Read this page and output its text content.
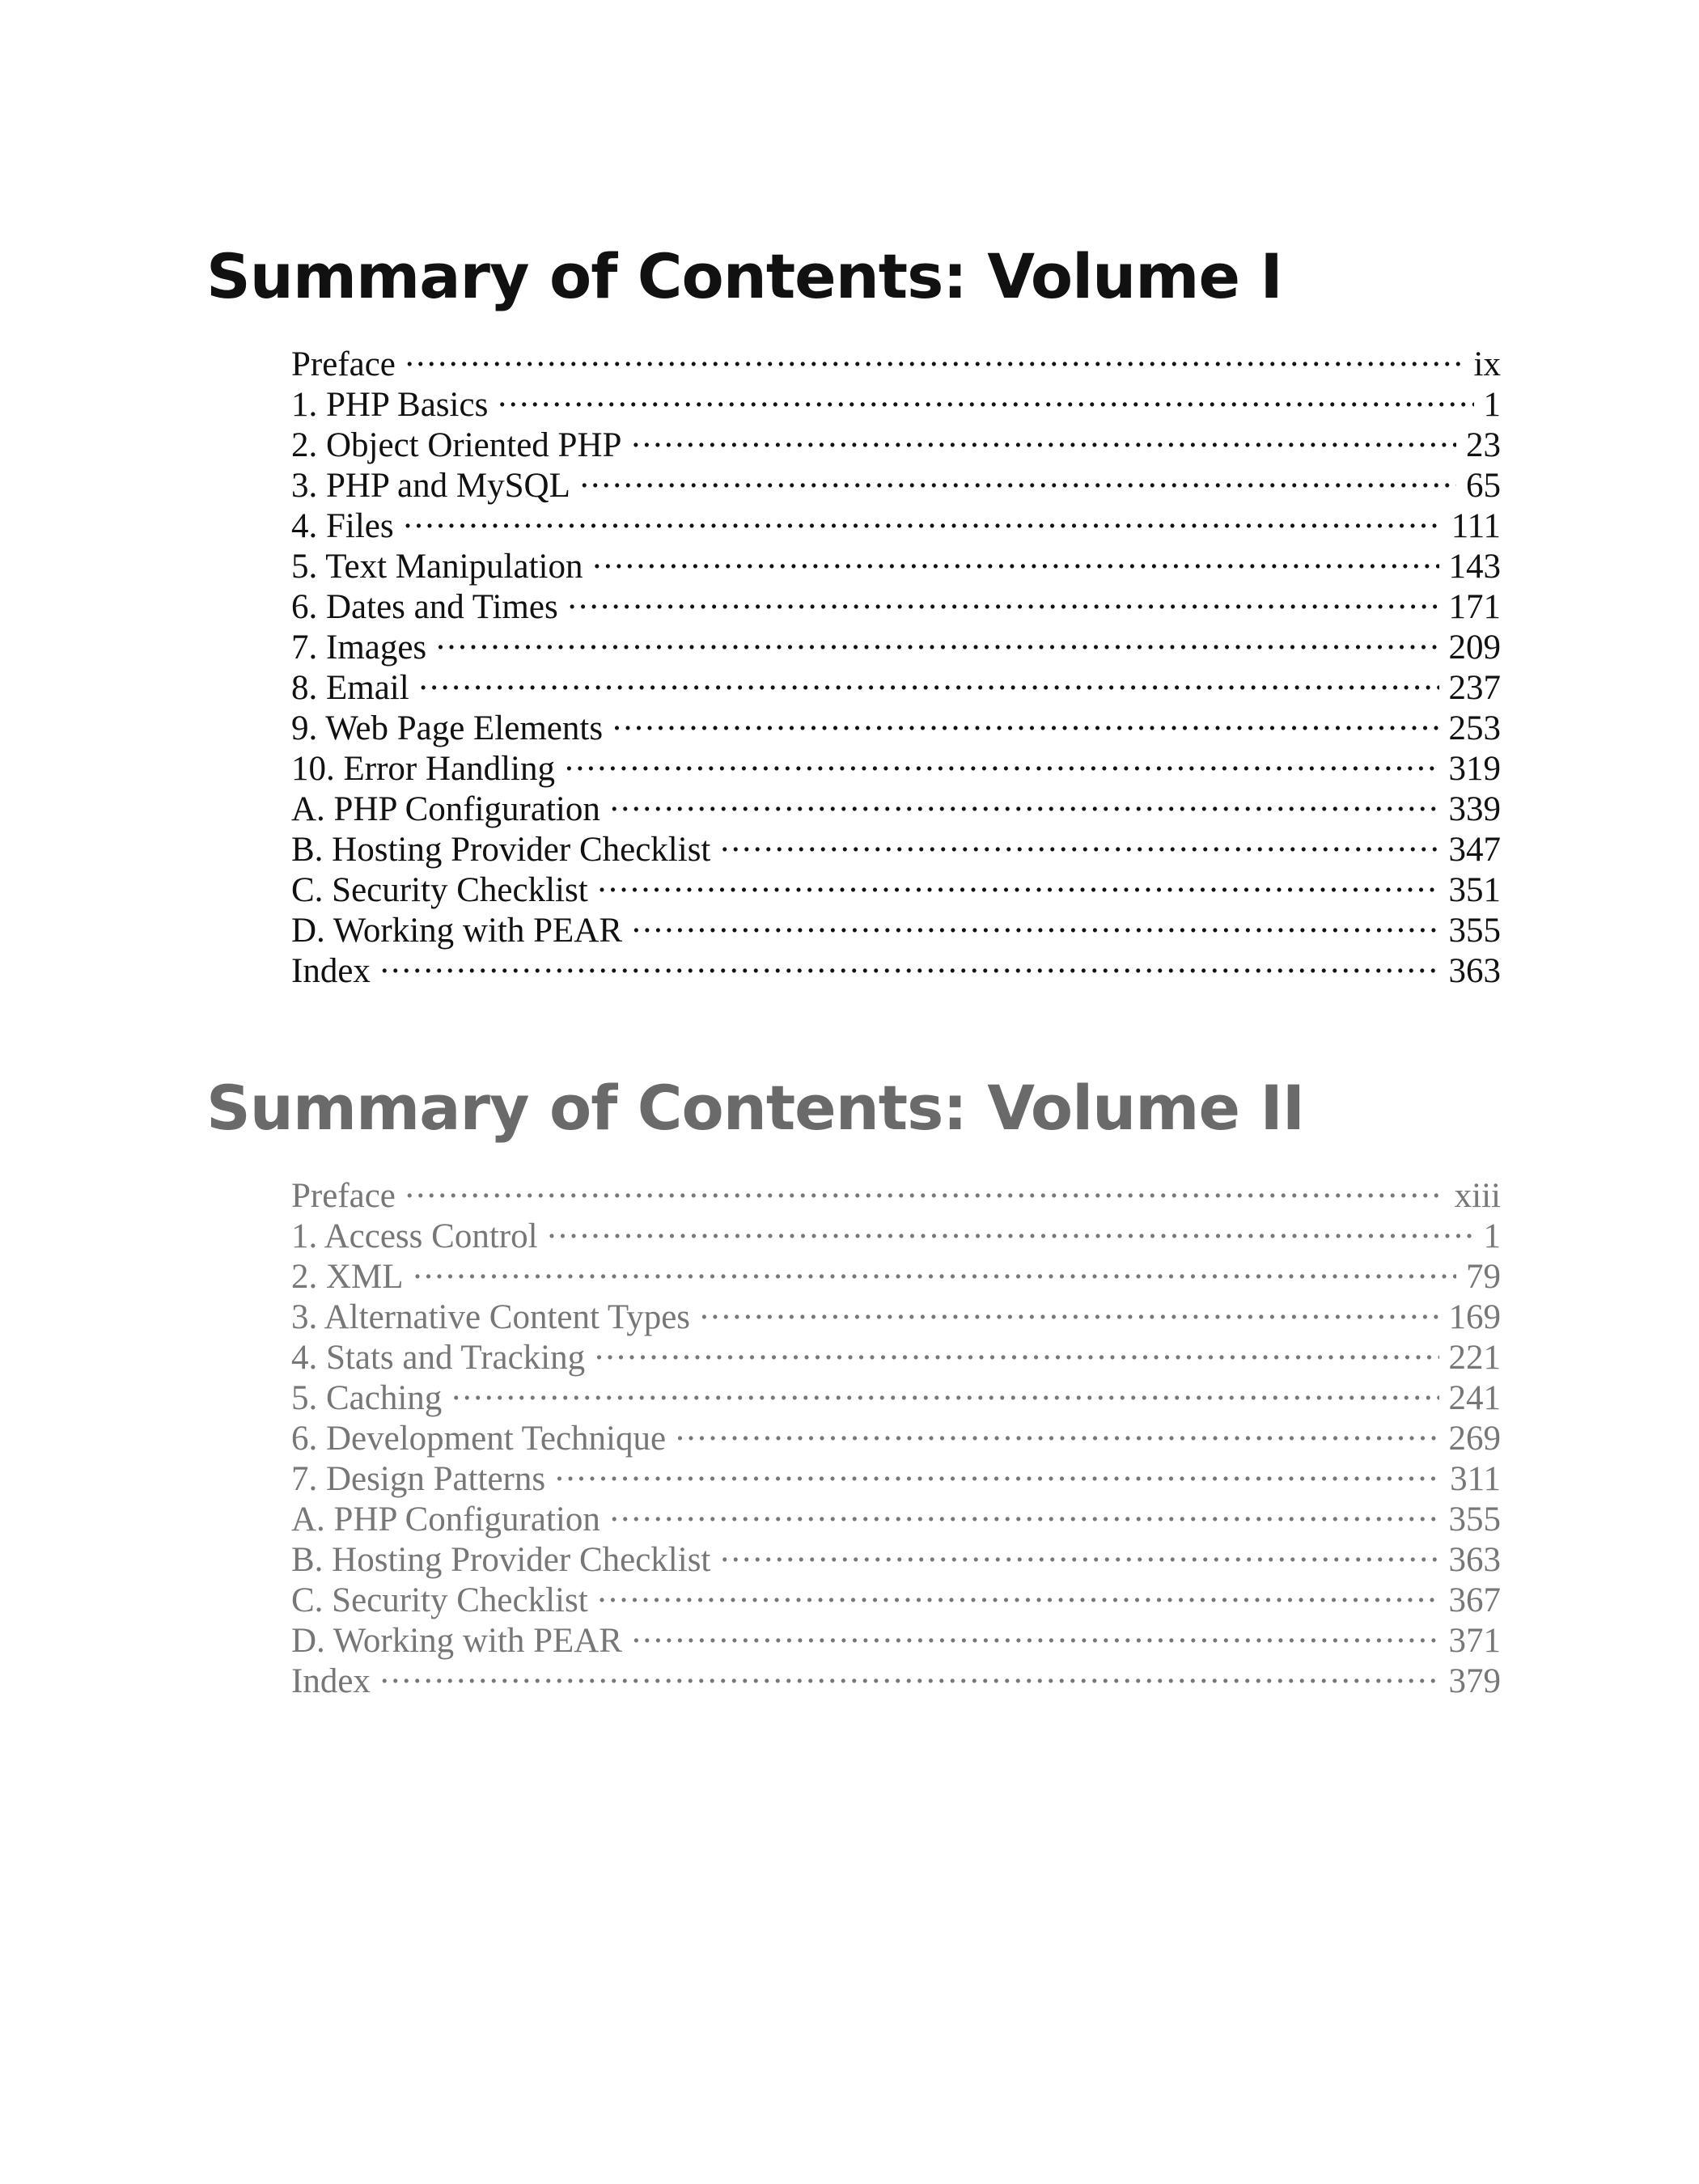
Summary of Contents: Volume I
Preface . . .	ix
1. PHP Basics . . .	1
2. Object Oriented PHP . . .	23
3. PHP and MySQL . . .	65
4. Files . . .	111
5. Text Manipulation . . .	143
6. Dates and Times . . .	171
7. Images . . .	209
8. Email . . .	237
9. Web Page Elements . . .	253
10. Error Handling . . .	319
A. PHP Configuration . . .	339
B. Hosting Provider Checklist . . .	347
C. Security Checklist . . .	351
D. Working with PEAR . . .	355
Index . . .	363
Summary of Contents: Volume II
Preface . . .	xiii
1. Access Control . . .	1
2. XML . . .	79
3. Alternative Content Types . . .	169
4. Stats and Tracking . . .	221
5. Caching . . .	241
6. Development Technique . . .	269
7. Design Patterns . . .	311
A. PHP Configuration . . .	355
B. Hosting Provider Checklist . . .	363
C. Security Checklist . . .	367
D. Working with PEAR . . .	371
Index . . .	379
